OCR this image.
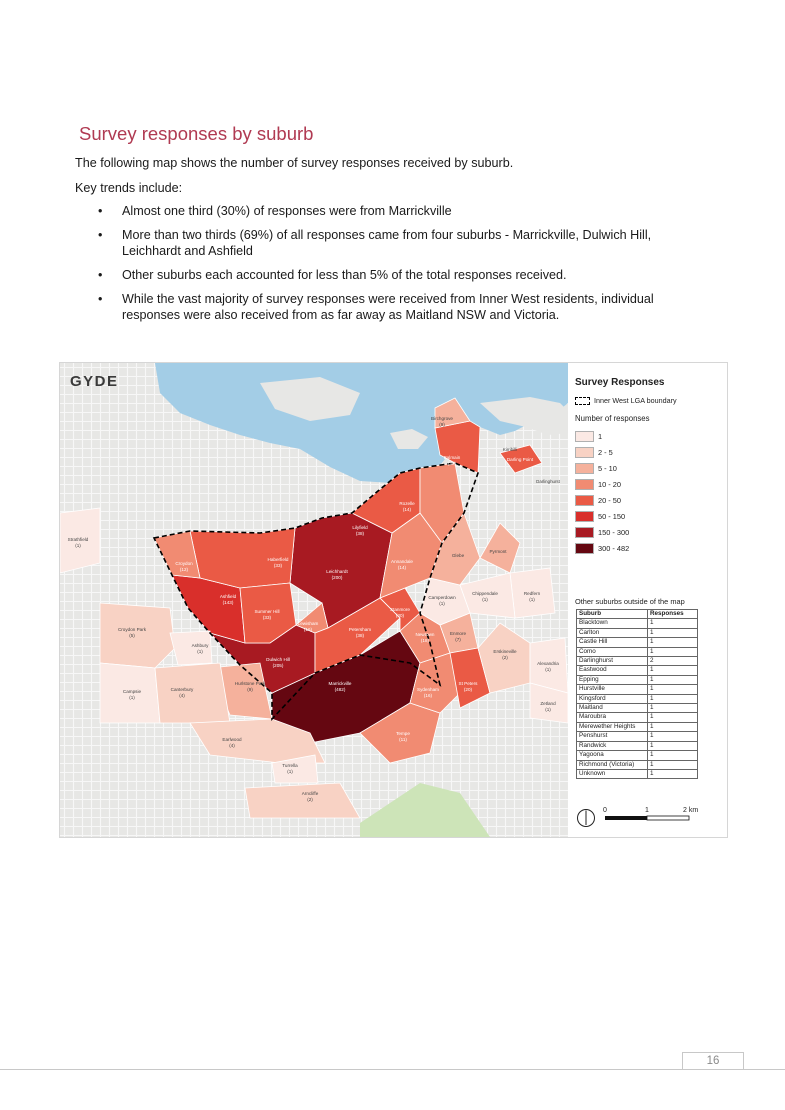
Survey responses by suburb
The following map shows the number of survey responses received by suburb.
Key trends include:
• Almost one third (30%) of responses were from Marrickville
• More than two thirds (69%) of all responses came from four suburbs - Marrickville, Dulwich Hill, Leichhardt and Ashfield
• Other suburbs each accounted for less than 5% of the total responses received.
• While the vast majority of survey responses were received from Inner West residents, individual responses were also received from as far away as Maitland NSW and Victoria.
Marrickville
(482)
Dulwich Hill
(205)
Leichhardt
(200)
Ashfield
(143)
Haberfield
(33)
Croydon
(12)
Summer Hill
(33)
Lewisham
(16)	Petersham
(38)
Stanmore
(30)
Annandale
(14)
Lilyfield
(38)
Rozelle
(14)
Balmain
(32)
Birchgrove
(9)
Newtown
(18)
Enmore
(7)
Camperdown
(1)
Tempe
(11)
Sydenham
(16)
St Peters
(20)
Hurlstone Park
(9)
Strathfield
(1)
Croydon Park
(5)
Ashbury
(1)
Campsie
(1)
Canterbury
(4)
Earlwood
(4)
Turrella
(1)
Arncliffe
(2)
Erskineville
(2)
Alexandria
(1)
Zetland
(1)
Redfern
(1)
Chippendale
(1)
Glebe
Pyrmont
Darling Point
Darlinghurst
Kirribilli
GYDE	Survey Responses
Inner West LGA boundary
Number of responses
1
2 - 5
5 - 10
10 - 20
20 - 50
50 - 150
150 - 300
300 - 482
Other suburbs outside of the map
Suburb	Responses
Blacktown	1
Carlton	1
Castle Hill	1
Como	1
Darlinghurst	2
Eastwood	1
Epping	1
Hurstville	1
Kingsford	1
Maitland	1
Maroubra	1
Merewether Heights	1
Penshurst	1
Randwick	1
Yagoona	1
Richmond (Victoria)	1
Unknown	1
0	1	2 km
16
